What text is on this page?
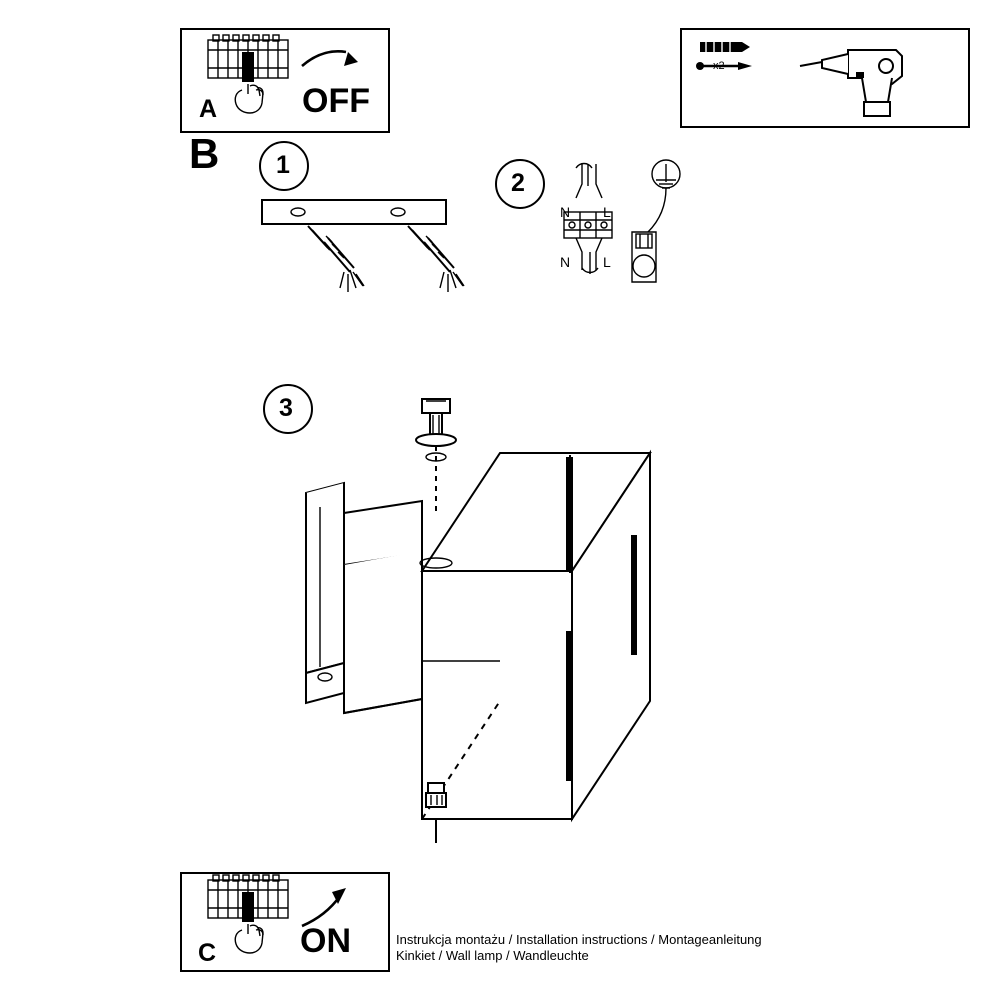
A OFF
x2
B 1
2
N L
N L
3
C ON	Instrukcja montażu / Installation instructions / Montageanleitung
Kinkiet / Wall lamp / Wandleuchte
